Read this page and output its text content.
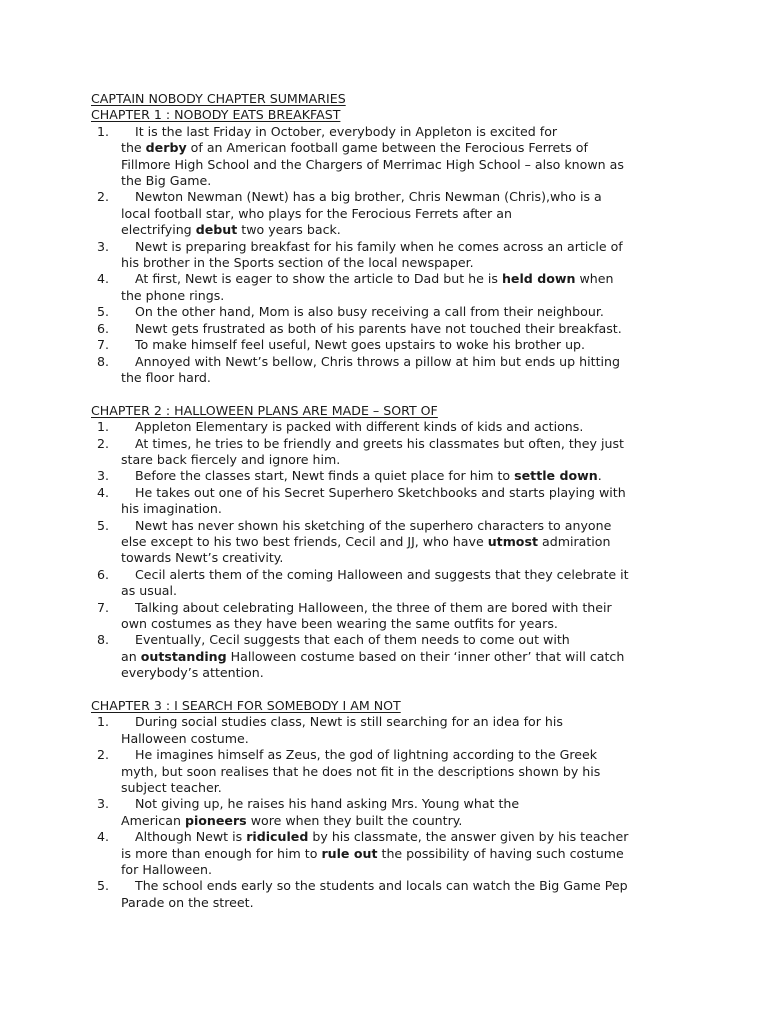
CAPTAIN NOBODY CHAPTER SUMMARIES
CHAPTER 1 : NOBODY EATS BREAKFAST
1.	It is the last Friday in October, everybody in Appleton is excited for
the derby of an American football game between the Ferocious Ferrets of
Fillmore High School and the Chargers of Merrimac High School – also known as
the Big Game.
2.	Newton Newman (Newt) has a big brother, Chris Newman (Chris),who is a
local football star, who plays for the Ferocious Ferrets after an
electrifying debut two years back.
3.	Newt is preparing breakfast for his family when he comes across an article of
his brother in the Sports section of the local newspaper.
4.	At first, Newt is eager to show the article to Dad but he is held down when
the phone rings.
5.	On the other hand, Mom is also busy receiving a call from their neighbour.
6.	Newt gets frustrated as both of his parents have not touched their breakfast.
7.	To make himself feel useful, Newt goes upstairs to woke his brother up.
8.	Annoyed with Newt’s bellow, Chris throws a pillow at him but ends up hitting
the floor hard.
CHAPTER 2 : HALLOWEEN PLANS ARE MADE – SORT OF
1.	Appleton Elementary is packed with different kinds of kids and actions.
2.	At times, he tries to be friendly and greets his classmates but often, they just
stare back fiercely and ignore him.
3.	Before the classes start, Newt finds a quiet place for him to settle down.
4.	He takes out one of his Secret Superhero Sketchbooks and starts playing with
his imagination.
5.	Newt has never shown his sketching of the superhero characters to anyone
else except to his two best friends, Cecil and JJ, who have utmost admiration
towards Newt’s creativity.
6.	Cecil alerts them of the coming Halloween and suggests that they celebrate it
as usual.
7.	Talking about celebrating Halloween, the three of them are bored with their
own costumes as they have been wearing the same outfits for years.
8.	Eventually, Cecil suggests that each of them needs to come out with
an outstanding Halloween costume based on their ‘inner other’ that will catch
everybody’s attention.
CHAPTER 3 : I SEARCH FOR SOMEBODY I AM NOT
1.	During social studies class, Newt is still searching for an idea for his
Halloween costume.
2.	He imagines himself as Zeus, the god of lightning according to the Greek
myth, but soon realises that he does not fit in the descriptions shown by his
subject teacher.
3.	Not giving up, he raises his hand asking Mrs. Young what the
American pioneers wore when they built the country.
4.	Although Newt is ridiculed by his classmate, the answer given by his teacher
is more than enough for him to rule out the possibility of having such costume
for Halloween.
5.	The school ends early so the students and locals can watch the Big Game Pep
Parade on the street.
